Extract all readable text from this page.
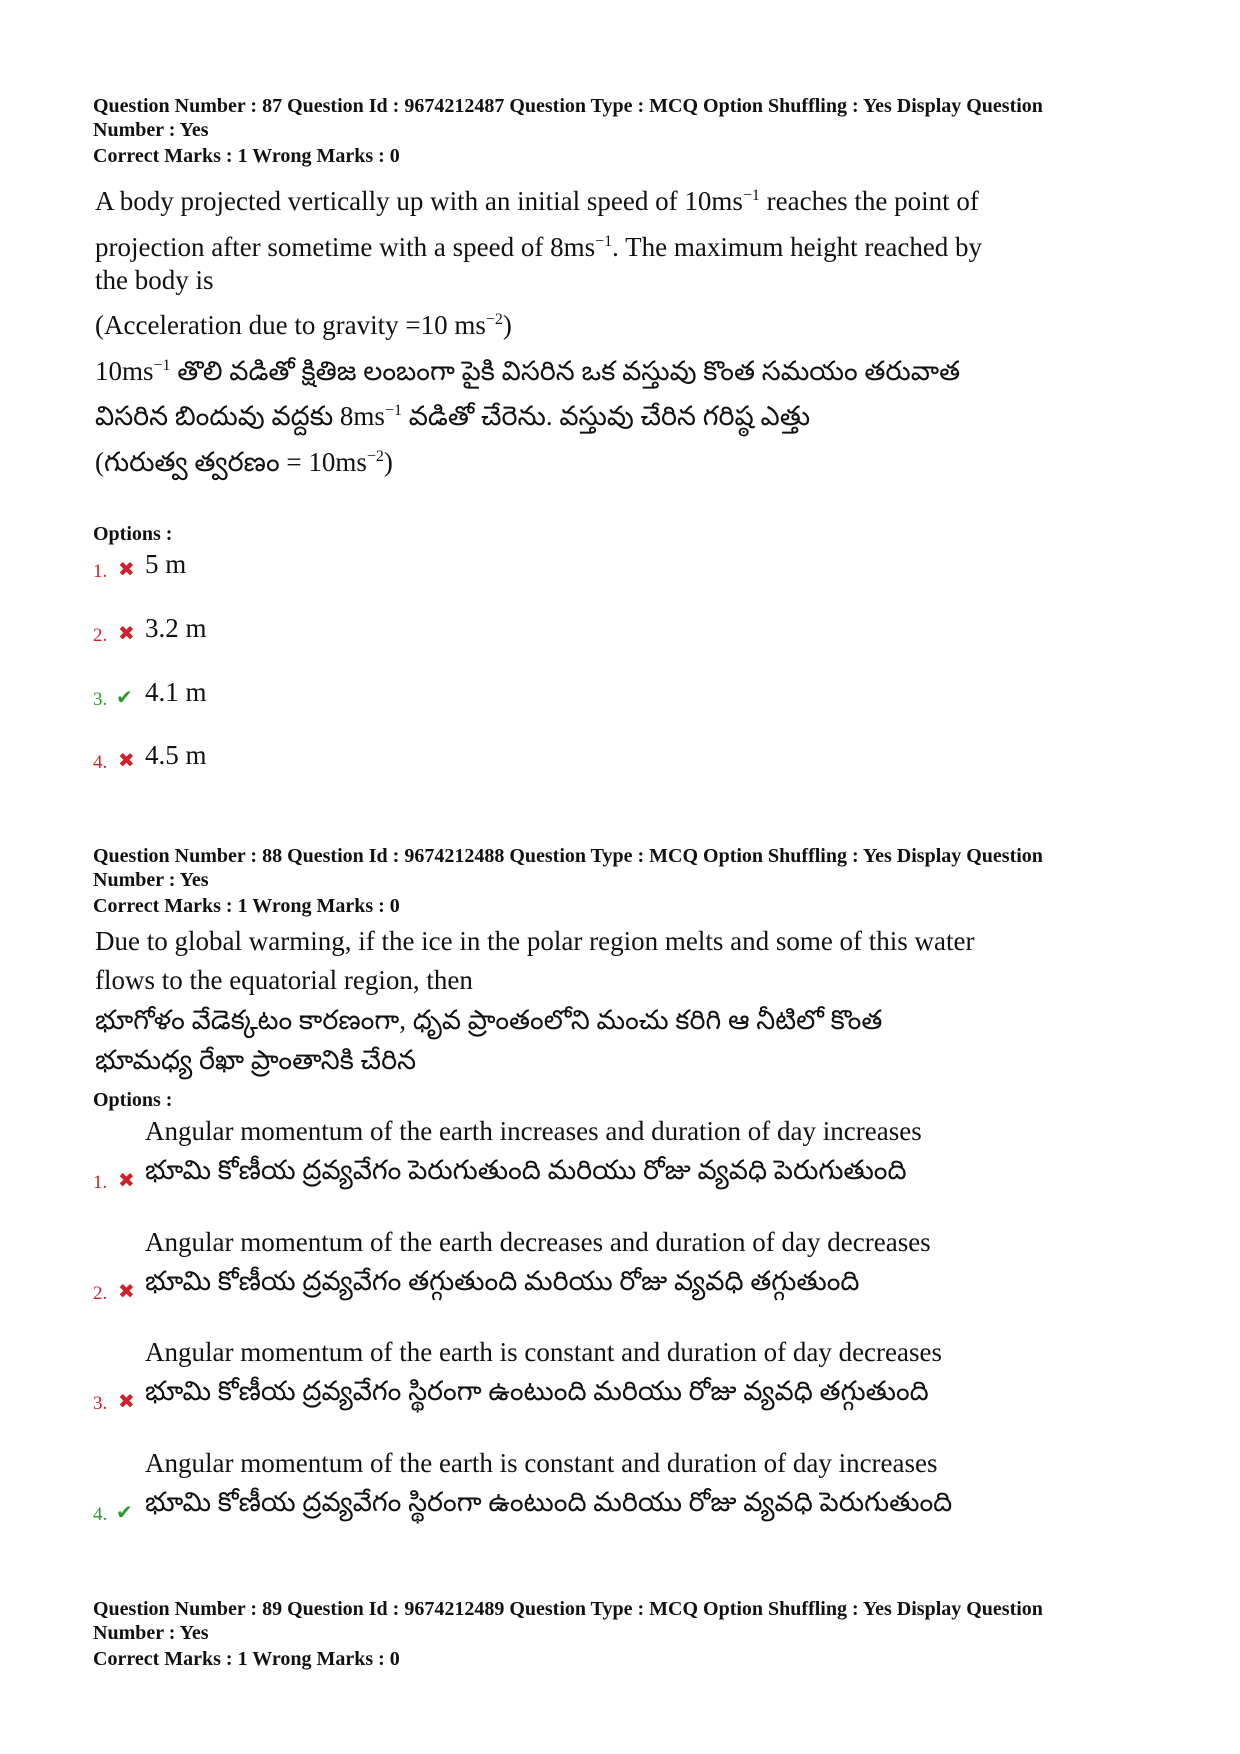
Question Number : 87 Question Id : 9674212487 Question Type : MCQ Option Shuffling : Yes Display Question
Number : Yes
Correct Marks : 1 Wrong Marks : 0
A body projected vertically up with an initial speed of $10ms^{-1}$ reaches the point of
projection after sometime with a speed of $8ms^{-1}$. The maximum height reached by
the body is
(Acceleration due to gravity =10 $ms^{-2}$)
$10ms^{-1}$ తొలి వడితో క్షితిజ లంబంగా పైకి విసరిన ఒక వస్తువు కొంత సమయం తరువాత
విసరిన బిందువు వద్దకు $8ms^{-1}$ వడితో చేరెను. వస్తువు చేరిన గరిష్ఠ ఎత్తు
(గురుత్వ త్వరణం = $10ms^{-2}$)
Options :
1. ✖ 5 m
2. ✖ 3.2 m
3. ✔ 4.1 m
4. ✖ 4.5 m
Question Number : 88 Question Id : 9674212488 Question Type : MCQ Option Shuffling : Yes Display Question
Number : Yes
Correct Marks : 1 Wrong Marks : 0
Due to global warming, if the ice in the polar region melts and some of this water
flows to the equatorial region, then
భూగోళం వేడెక్కటం కారణంగా, ధృవ ప్రాంతంలోని మంచు కరిగి ఆ నీటిలో కొంత
భూమధ్య రేఖా ప్రాంతానికి చేరిన
Options :
Angular momentum of the earth increases and duration of day increases
1. ✖ భూమి కోణీయ ద్రవ్యవేగం పెరుగుతుంది మరియు రోజు వ్యవధి పెరుగుతుంది
Angular momentum of the earth decreases and duration of day decreases
2. ✖ భూమి కోణీయ ద్రవ్యవేగం తగ్గుతుంది మరియు రోజు వ్యవధి తగ్గుతుంది
Angular momentum of the earth is constant and duration of day decreases
3. ✖ భూమి కోణీయ ద్రవ్యవేగం స్థిరంగా ఉంటుంది మరియు రోజు వ్యవధి తగ్గుతుంది
Angular momentum of the earth is constant and duration of day increases
4. ✔ భూమి కోణీయ ద్రవ్యవేగం స్థిరంగా ఉంటుంది మరియు రోజు వ్యవధి పెరుగుతుంది
Question Number : 89 Question Id : 9674212489 Question Type : MCQ Option Shuffling : Yes Display Question
Number : Yes
Correct Marks : 1 Wrong Marks : 0
